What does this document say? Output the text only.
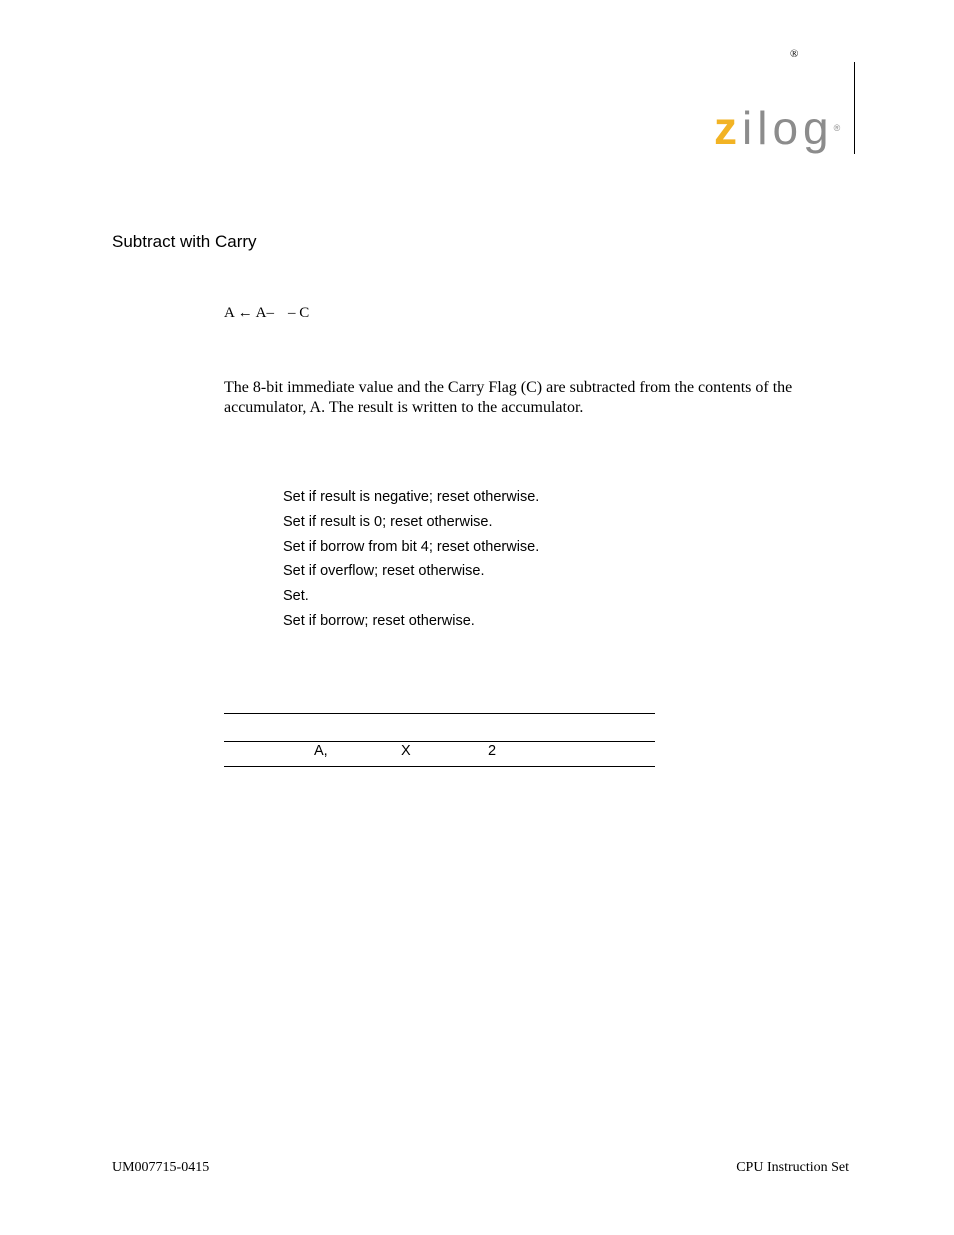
®
zilog®
Subtract with Carry
A ← A– – C
The 8-bit immediate value and the Carry Flag (C) are subtracted from the contents of the accumulator, A. The result is written to the accumulator.
Set if result is negative; reset otherwise.
Set if result is 0; reset otherwise.
Set if borrow from bit 4; reset otherwise.
Set if overflow; reset otherwise.
Set.
Set if borrow; reset otherwise.
A,	X	2
UM007715-0415	CPU Instruction Set
